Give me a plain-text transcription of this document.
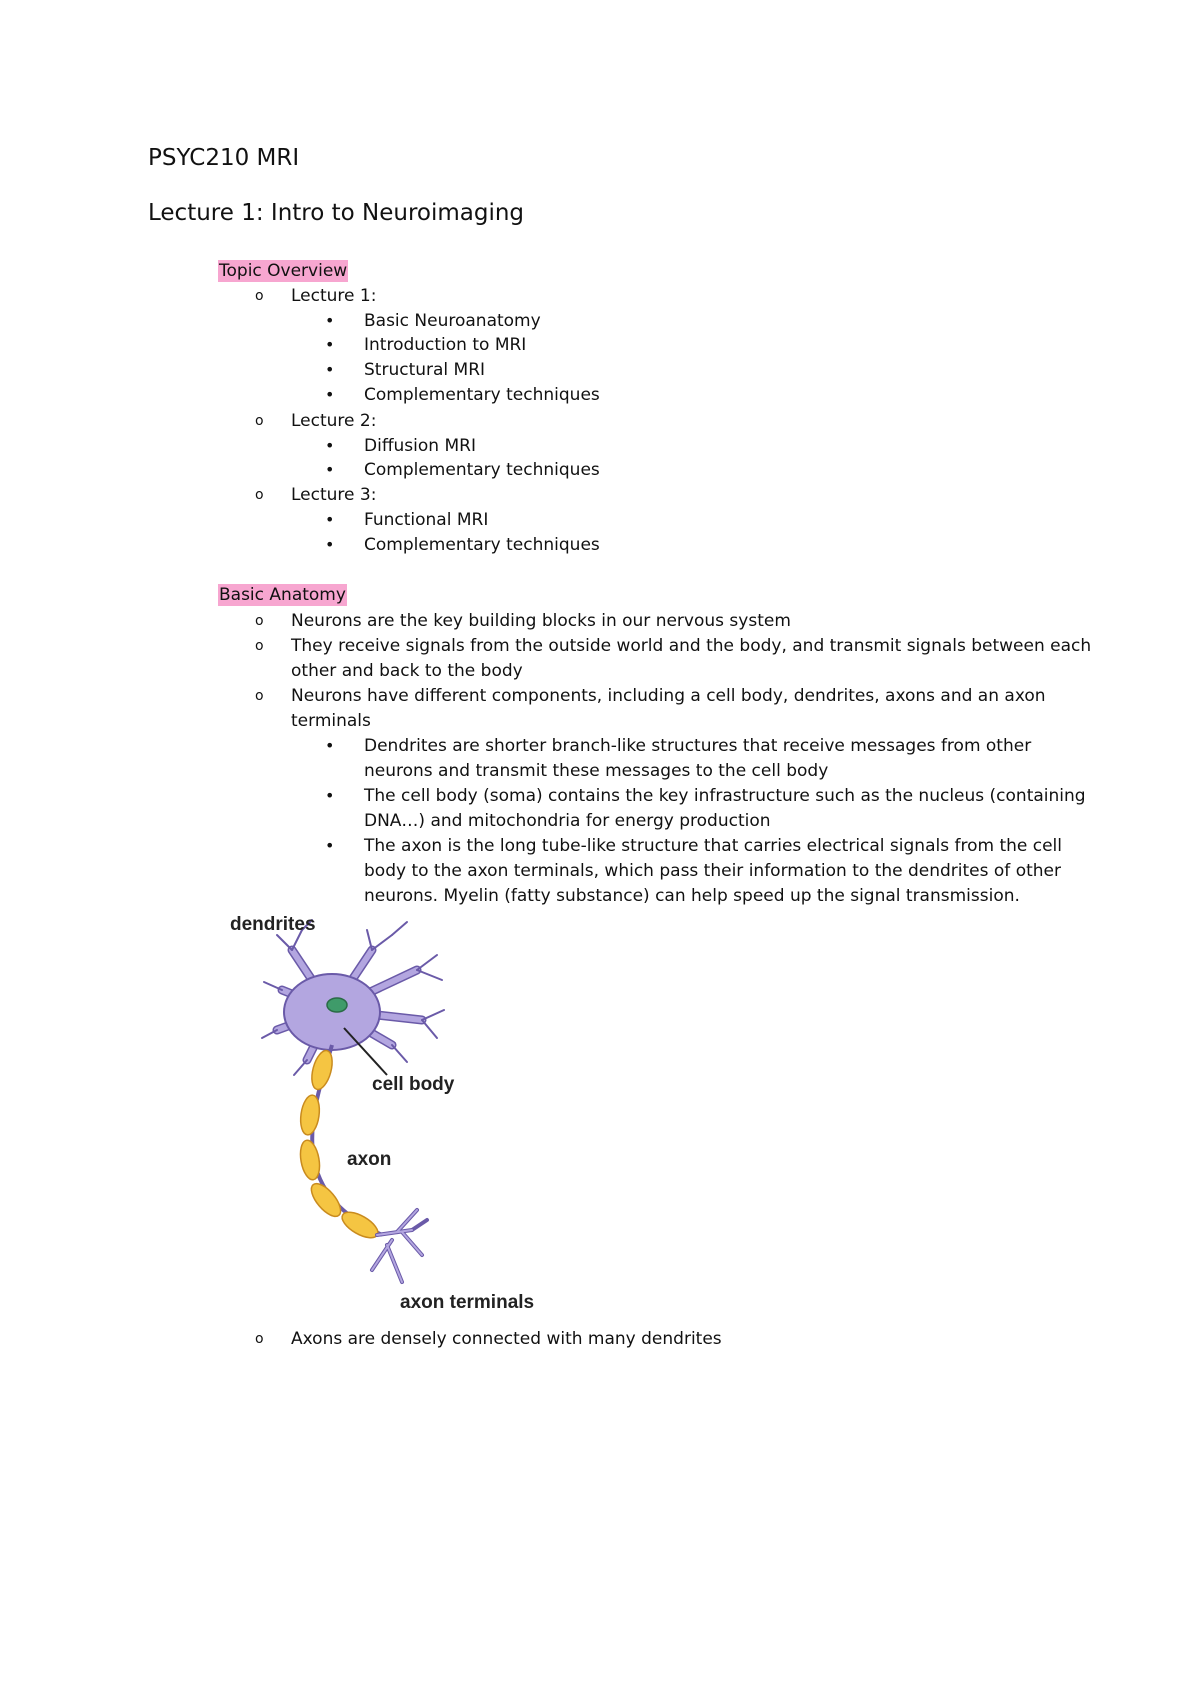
PSYC210 MRI
Lecture 1: Intro to Neuroimaging
Topic Overview
o Lecture 1:
• Basic Neuroanatomy
• Introduction to MRI
• Structural MRI
• Complementary techniques
o Lecture 2:
• Diffusion MRI
• Complementary techniques
o Lecture 3:
• Functional MRI
• Complementary techniques
Basic Anatomy
o Neurons are the key building blocks in our nervous system
o They receive signals from the outside world and the body, and transmit signals between each
other and back to the body
o Neurons have different components, including a cell body, dendrites, axons and an axon
terminals
• Dendrites are shorter branch-like structures that receive messages from other
neurons and transmit these messages to the cell body
• The cell body (soma) contains the key infrastructure such as the nucleus (containing
DNA…) and mitochondria for energy production
• The axon is the long tube-like structure that carries electrical signals from the cell
body to the axon terminals, which pass their information to the dendrites of other
neurons. Myelin (fatty substance) can help speed up the signal transmission.
dendrites
cell body
axon
axon terminals
o Axons are densely connected with many dendrites
